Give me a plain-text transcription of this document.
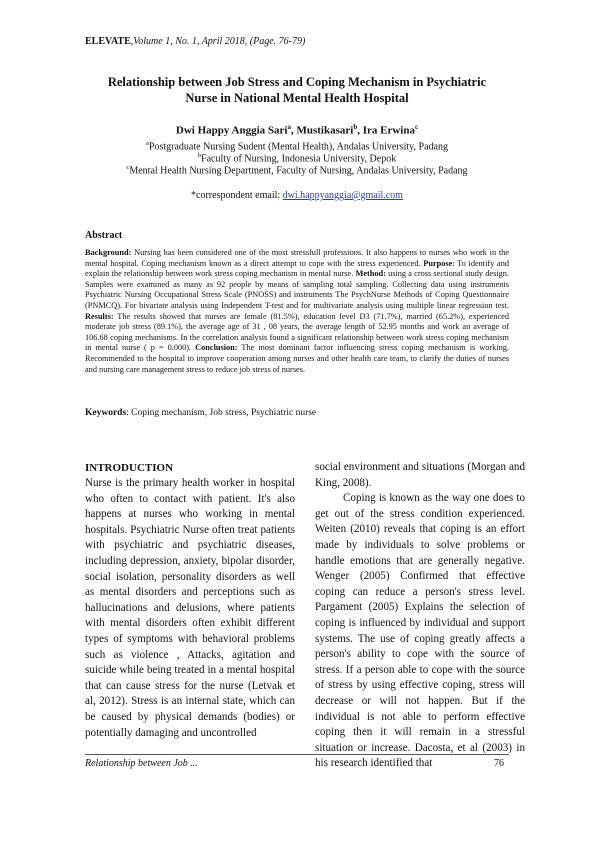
ELEVATE,Volume 1, No. 1, April 2018, (Page. 76-79)
Relationship between Job Stress and Coping Mechanism in Psychiatric
Nurse in National Mental Health Hospital
Dwi Happy Anggia Sari$^a$, Mustikasari$^b$, Ira Erwina$^c$
$^a$Postgraduate Nursing Sudent (Mental Health), Andalas University, Padang
$^b$Faculty of Nursing, Indonesia University, Depok
$^c$Mental Health Nursing Department, Faculty of Nursing, Andalas University, Padang
*correspondent email: dwi.happyanggia@gmail.com
Abstract
Background: Nursing has been considered one of the most stressfull professions. It also happens to nurses who work in the mental hospital. Coping mechanism known as a direct attempt to cope with the stress experienced. Purpose: To identify and explain the relationship between work stress coping mechanism in mental nurse. Method: using a cross sectional study design. Samples were examined as many as 92 people by means of sampling total sampling. Collecting data using instruments Psychiatric Nursing Occupational Stress Scale (PNOSS) and instruments The PsychNurse Methods of Coping Questionnaire (PNMCQ). For bivariate analysis using Independent T-test and for multivariate analysis using multiple linear regression test. Results: The results showed that nurses are female (81.5%), education level D3 (71.7%), married (65.2%), experienced moderate job stress (89.1%), the average age of 31 , 08 years, the average length of 52.95 months and work an average of 106.68 coping mechanisms. In the correlation analysis found a significant relationship between work stress coping mechanism in mental nurse ( p = 0.000). Conclusion: The most dominant factor influencing stress coping mechanism is working. Recommended to the hospital to improve cooperation among nurses and other health care team, to clarify the duties of nurses and nursing care management stress to reduce job stress of nurses.
Keywords: Coping mechanism, Job stress, Psychiatric nurse
INTRODUCTION
Nurse is the primary health worker in hospital who often to contact with patient. It's also happens at nurses who working in mental hospitals. Psychiatric Nurse often treat patients with psychiatric and psychiatric diseases, including depression, anxiety, bipolar disorder, social isolation, personality disorders as well as mental disorders and perceptions such as hallucinations and delusions, where patients with mental disorders often exhibit different types of symptoms with behavioral problems such as violence , Attacks, agitation and suicide while being treated in a mental hospital that can cause stress for the nurse (Letvak et al, 2012). Stress is an internal state, which can be caused by physical demands (bodies) or potentially damaging and uncontrolled
social environment and situations (Morgan and King, 2008).
Coping is known as the way one does to get out of the stress condition experienced. Weiten (2010) reveals that coping is an effort made by individuals to solve problems or handle emotions that are generally negative. Wenger (2005) Confirmed that effective coping can reduce a person's stress level. Pargament (2005) Explains the selection of coping is influenced by individual and support systems. The use of coping greatly affects a person's ability to cope with the source of stress. If a person able to cope with the source of stress by using effective coping, stress will decrease or will not happen. But if the individual is not able to perform effective coping then it will remain in a stressful situation or increase. Dacosta, et al (2003) in his research identified that
Relationship between Job ...	76
